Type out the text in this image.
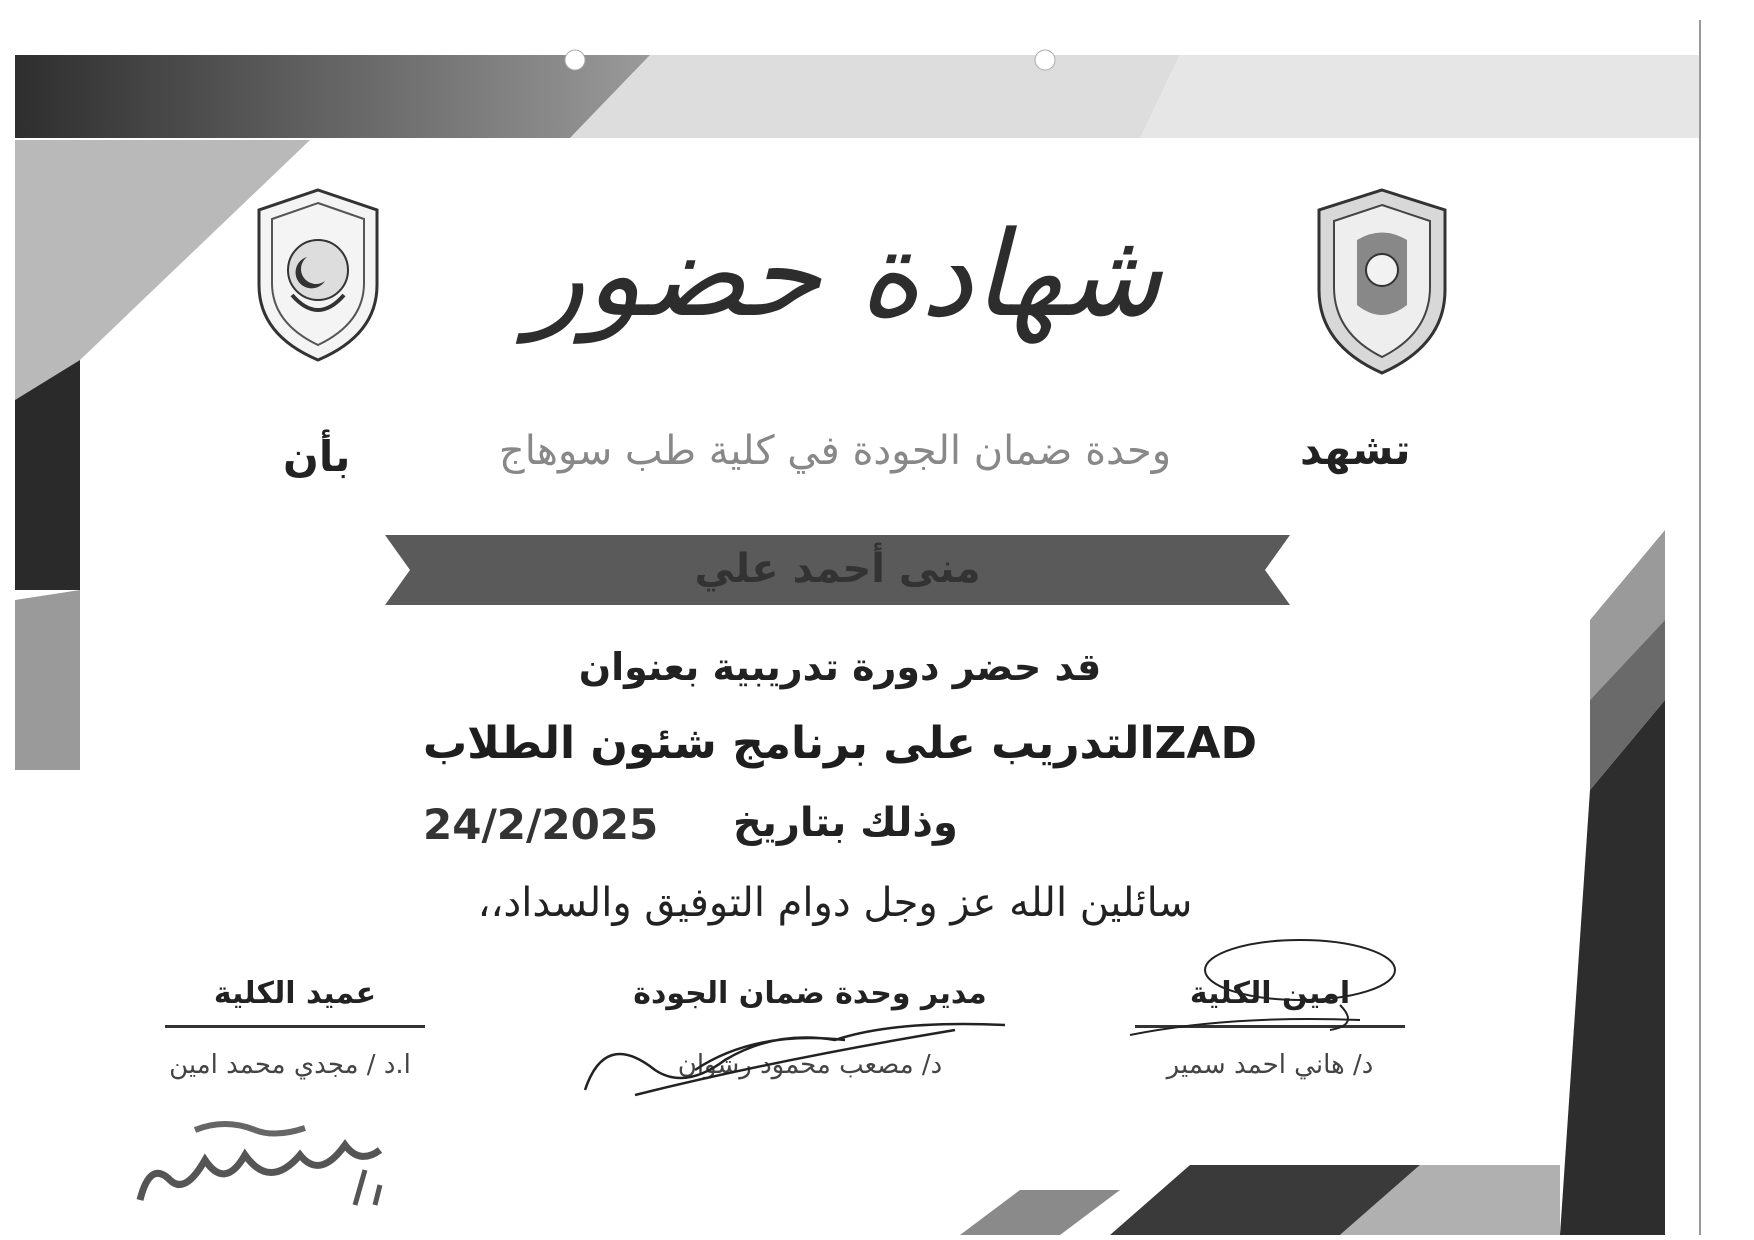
شهادة حضور
تشهد
وحدة ضمان الجودة في كلية طب سوهاج
بأن
منى أحمد علي
قد حضر دورة تدريبية بعنوان
ZADالتدريب على برنامج شئون الطلاب
وذلك بتاريخ
24/2/2025
سائلين الله عز وجل دوام التوفيق والسداد،،
امين الكلية
د/ هاني احمد سمير
مدير وحدة ضمان الجودة
د/ مصعب محمود رشوان
عميد الكلية
ا.د / مجدي محمد امين
